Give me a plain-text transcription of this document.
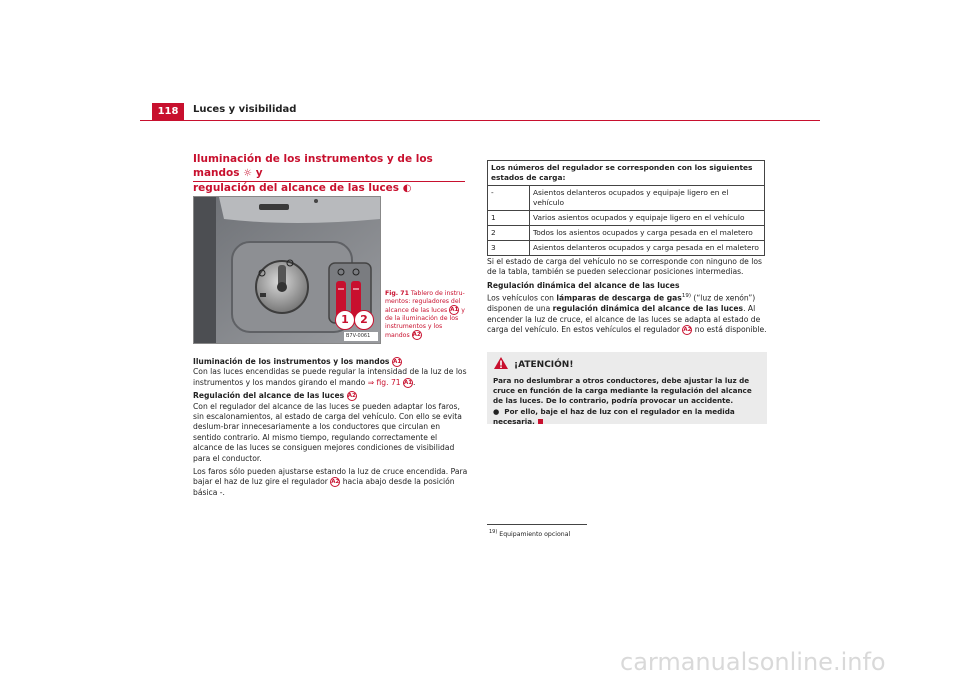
118	Luces y visibilidad
Iluminación de los instrumentos y de los mandos ☼ y
regulación del alcance de las luces ◐
1	2
B7V-0061
Fig. 71 Tablero de instru-mentos: reguladores del alcance de las luces A1 y de la iluminación de los instrumentos y los mandos A2

Iluminación de los instrumentos y los mandos A1

Con las luces encendidas se puede regular la intensidad de la luz de los instrumentos y los mandos girando el mando ⇒ fig. 71 A1.

Regulación del alcance de las luces A2

Con el regulador del alcance de las luces se pueden adaptar los faros, sin escalonamientos, al estado de carga del vehículo. Con ello se evita deslum-brar innecesariamente a los conductores que circulan en sentido contrario. Al mismo tiempo, regulando correctamente el alcance de las luces se consiguen mejores condiciones de visibilidad para el conductor.

Los faros sólo pueden ajustarse estando la luz de cruce encendida. Para bajar el haz de luz gire el regulador A2 hacia abajo desde la posición básica -.

Los números del regulador se corresponden con los siguientes estados de carga:	
-	Asientos delanteros ocupados y equipaje ligero en el vehículo
1	Varios asientos ocupados y equipaje ligero en el vehículo
2	Todos los asientos ocupados y carga pesada en el maletero
3	Asientos delanteros ocupados y carga pesada en el maletero

Si el estado de carga del vehículo no se corresponde con ninguno de los de la tabla, también se pueden seleccionar posiciones intermedias.

Regulación dinámica del alcance de las luces

Los vehículos con lámparas de descarga de gas$^{19)}$ (“luz de xenón”) disponen de una regulación dinámica del alcance de las luces. Al encender la luz de cruce, el alcance de las luces se adapta al estado de carga del vehículo. En estos vehículos el regulador A2 no está disponible.

¡ATENCIÓN!

Para no deslumbrar a otros conductores, debe ajustar la luz de cruce en función de la carga mediante la regulación del alcance de las luces. De lo contrario, podría provocar un accidente.

●  Por ello, baje el haz de luz con el regulador en la medida necesaria.

$^{19)}$ Equipamiento opcional
carmanualsonline.info
